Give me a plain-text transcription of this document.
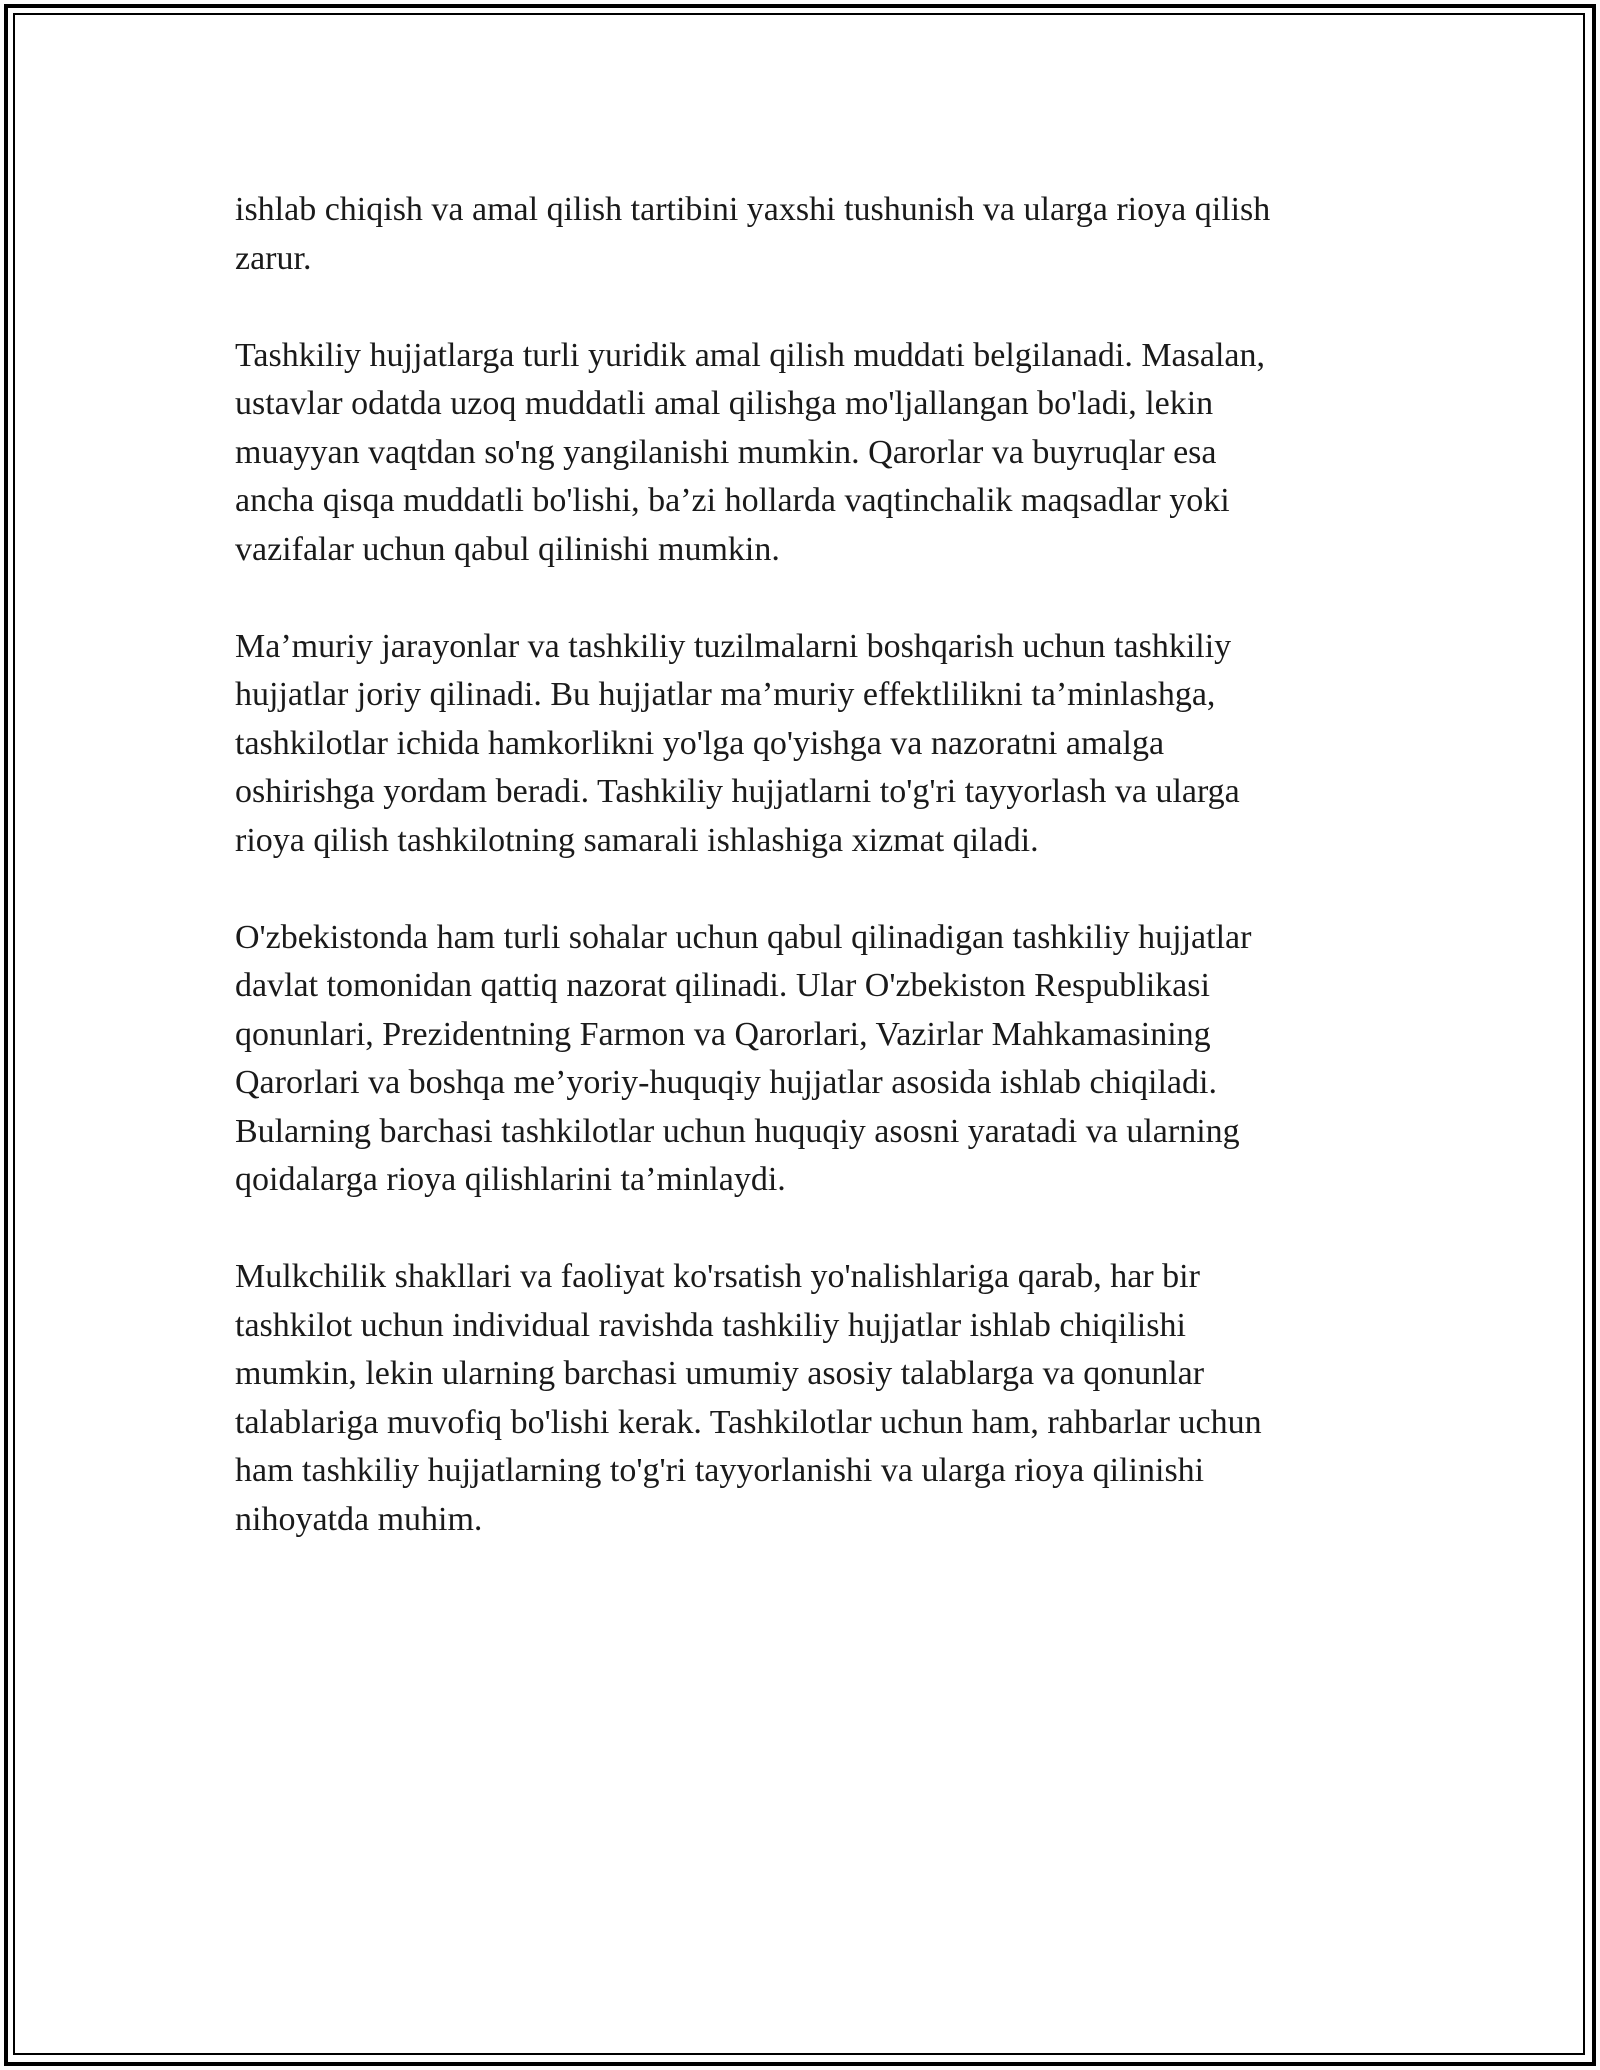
ishlab chiqish va amal qilish tartibini yaxshi tushunish va ularga rioya qilish
zarur.

Tashkiliy hujjatlarga turli yuridik amal qilish muddati belgilanadi. Masalan,
ustavlar odatda uzoq muddatli amal qilishga mo'ljallangan bo'ladi, lekin
muayyan vaqtdan so'ng yangilanishi mumkin. Qarorlar va buyruqlar esa
ancha qisqa muddatli bo'lishi, ba’zi hollarda vaqtinchalik maqsadlar yoki
vazifalar uchun qabul qilinishi mumkin.

Ma’muriy jarayonlar va tashkiliy tuzilmalarni boshqarish uchun tashkiliy
hujjatlar joriy qilinadi. Bu hujjatlar ma’muriy effektlilikni ta’minlashga,
tashkilotlar ichida hamkorlikni yo'lga qo'yishga va nazoratni amalga
oshirishga yordam beradi. Tashkiliy hujjatlarni to'g'ri tayyorlash va ularga
rioya qilish tashkilotning samarali ishlashiga xizmat qiladi.

O'zbekistonda ham turli sohalar uchun qabul qilinadigan tashkiliy hujjatlar
davlat tomonidan qattiq nazorat qilinadi. Ular O'zbekiston Respublikasi
qonunlari, Prezidentning Farmon va Qarorlari, Vazirlar Mahkamasining
Qarorlari va boshqa me’yoriy-huquqiy hujjatlar asosida ishlab chiqiladi.
Bularning barchasi tashkilotlar uchun huquqiy asosni yaratadi va ularning
qoidalarga rioya qilishlarini ta’minlaydi.

Mulkchilik shakllari va faoliyat ko'rsatish yo'nalishlariga qarab, har bir
tashkilot uchun individual ravishda tashkiliy hujjatlar ishlab chiqilishi
mumkin, lekin ularning barchasi umumiy asosiy talablarga va qonunlar
talablariga muvofiq bo'lishi kerak. Tashkilotlar uchun ham, rahbarlar uchun
ham tashkiliy hujjatlarning to'g'ri tayyorlanishi va ularga rioya qilinishi
nihoyatda muhim.
